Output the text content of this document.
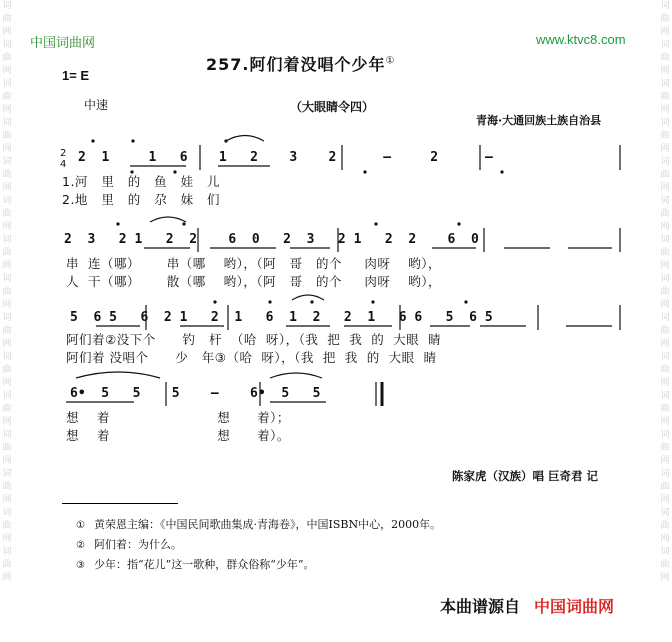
词曲网词曲网词曲网词曲网词曲网词曲网词曲网词曲网词曲网词曲网词曲网词曲网词曲网词曲网词曲网
词曲网词曲网词曲网词曲网词曲网词曲网词曲网词曲网词曲网词曲网词曲网词曲网词曲网词曲网词曲网
中国词曲网	www.ktvc8.com
257.阿们着没唱个少年①
1= E
中速	（大眼睛令四）
青海·大通回族土族自治县
2
4 2  1     1   6    1   2    3    2      –     2      –
1.河   里   的   鱼   娃   儿
2.地   里   的   尕   妹   们
2  3   2 1   2  2    6  0   2  3   2 1   2  2    6  0
串  连（哪）      串（哪    哟），（阿   哥   的个     肉呀    哟），
人  干（哪）      散（哪    哟），（阿   哥   的个     肉呀    哟），
5  6 5   6  2 1   2  1   6  1  2   2  1   6 6   5  6 5
阿们着②没下个      钓   杆  （哈  呀），（我  把  我  的  大眼  睛
阿们着 没唱个      少   年③（哈  呀），（我  把  我  的  大眼  睛
6•  5   5    5    –    6•  5   5
想    着                        想      着）；
想    着                        想      着）。
陈家虎（汉族）唱 巨奇君 记
① 黄荣恩主编：《中国民间歌曲集成·青海卷》，中国ISBN中心，2000年。
② 阿们着：为什么。
③ 少年：指“花儿”这一歌种，群众俗称“少年”。
本曲谱源自 中国词曲网
